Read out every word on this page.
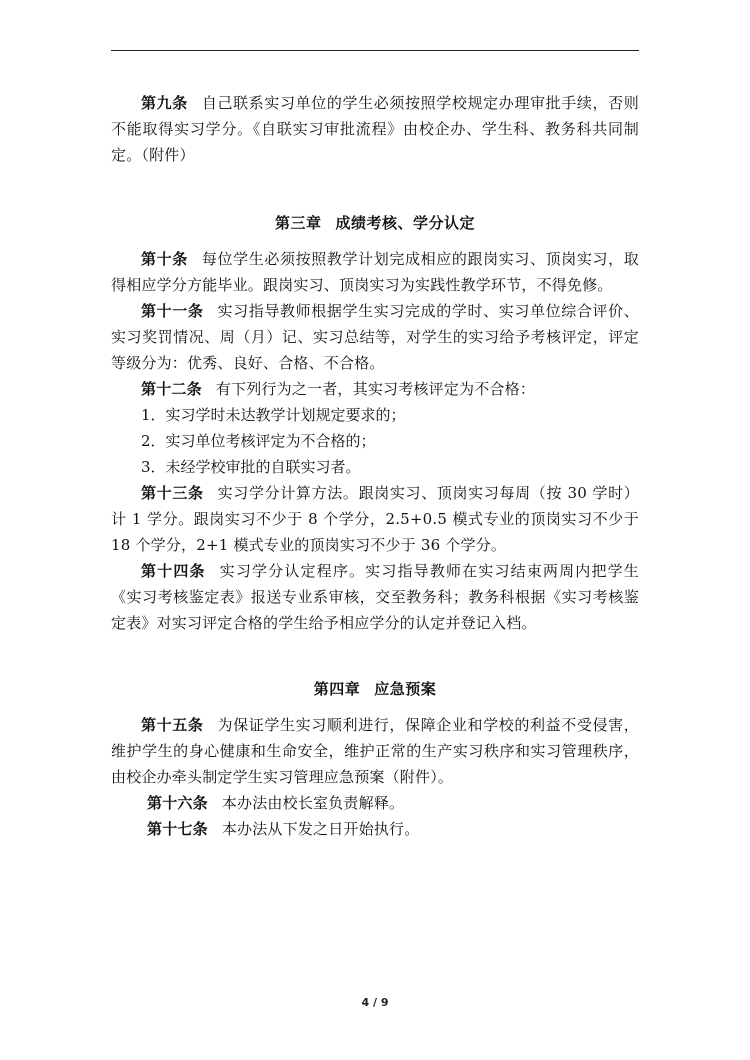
第九条 自己联系实习单位的学生必须按照学校规定办理审批手续，否则不能取得实习学分。《自联实习审批流程》由校企办、学生科、教务科共同制定。（附件）

第三章 成绩考核、学分认定

第十条 每位学生必须按照教学计划完成相应的跟岗实习、顶岗实习，取得相应学分方能毕业。跟岗实习、顶岗实习为实践性教学环节，不得免修。

第十一条 实习指导教师根据学生实习完成的学时、实习单位综合评价、实习奖罚情况、周（月）记、实习总结等，对学生的实习给予考核评定，评定等级分为：优秀、良好、合格、不合格。

第十二条 有下列行为之一者，其实习考核评定为不合格：

1．实习学时未达教学计划规定要求的；

2．实习单位考核评定为不合格的；

3．未经学校审批的自联实习者。

第十三条 实习学分计算方法。跟岗实习、顶岗实习每周（按 30 学时）计 1 学分。跟岗实习不少于 8 个学分，2.5+0.5 模式专业的顶岗实习不少于 18 个学分，2+1 模式专业的顶岗实习不少于 36 个学分。

第十四条 实习学分认定程序。实习指导教师在实习结束两周内把学生《实习考核鉴定表》报送专业系审核，交至教务科；教务科根据《实习考核鉴定表》对实习评定合格的学生给予相应学分的认定并登记入档。

第四章 应急预案

第十五条 为保证学生实习顺利进行，保障企业和学校的利益不受侵害，维护学生的身心健康和生命安全，维护正常的生产实习秩序和实习管理秩序，由校企办牵头制定学生实习管理应急预案（附件）。

第十六条 本办法由校长室负责解释。

第十七条 本办法从下发之日开始执行。

4 / 9
